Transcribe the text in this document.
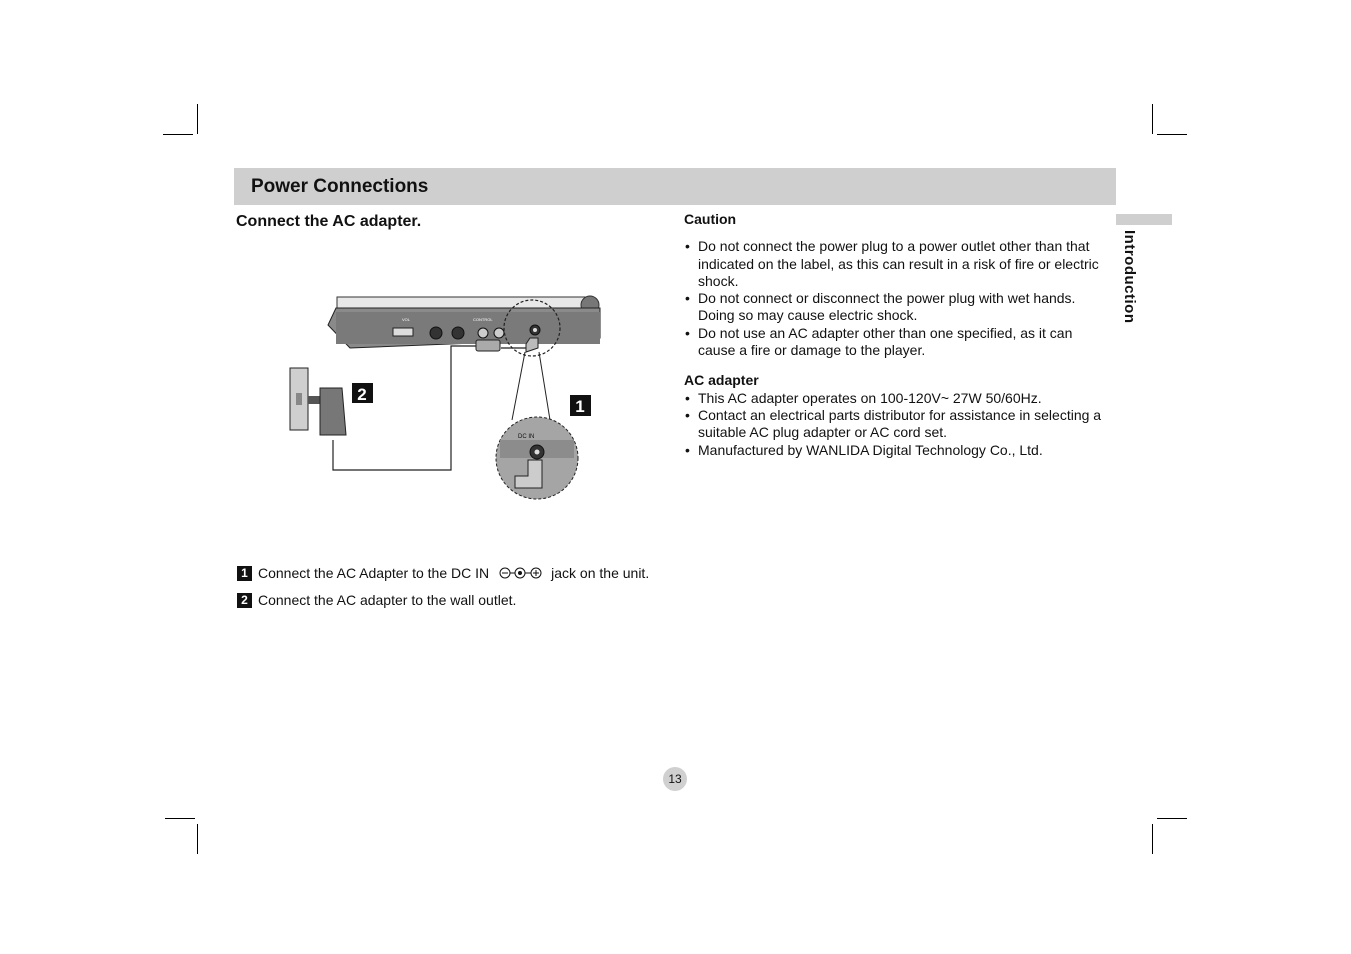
Power Connections
Introduction
Connect the AC adapter.
VOL	CONTROL
2
DC IN
1
1 Connect the AC Adapter to the DC IN	jack on the unit.
2 Connect the AC adapter to the wall outlet.
Caution
• Do not connect the power plug to a power outlet other than that indicated on the label, as this can result in a risk of fire or electric shock.
• Do not connect or disconnect the power plug with wet hands. Doing so may cause electric shock.
• Do not use an AC adapter other than one specified, as it can cause a fire or damage to the player.
AC adapter
• This AC adapter operates on 100-120V~ 27W 50/60Hz.
• Contact an electrical parts distributor for assistance in selecting a suitable AC plug adapter or AC cord set.
• Manufactured by WANLIDA Digital Technology Co., Ltd.
13
